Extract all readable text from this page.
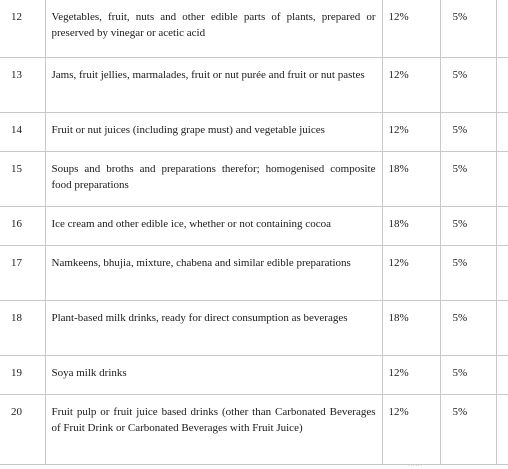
12	Vegetables, fruit, nuts and other edible parts of plants, prepared or preserved by vinegar or acetic acid	12%	5%	
13	Jams, fruit jellies, marmalades, fruit or nut purée and fruit or nut pastes	12%	5%	
14	Fruit or nut juices (including grape must) and vegetable juices	12%	5%	
15	Soups and broths and preparations therefor; homogenised composite food preparations	18%	5%	
16	Ice cream and other edible ice, whether or not containing cocoa	18%	5%	
17	Namkeens, bhujia, mixture, chabena and similar edible preparations	12%	5%	
18	Plant-based milk drinks, ready for direct consumption as beverages	18%	5%	
19	Soya milk drinks	12%	5%	
20	Fruit pulp or fruit juice based drinks (other than Carbonated Beverages of Fruit Drink or Carbonated Beverages with Fruit Juice)	12%	5%	
......
